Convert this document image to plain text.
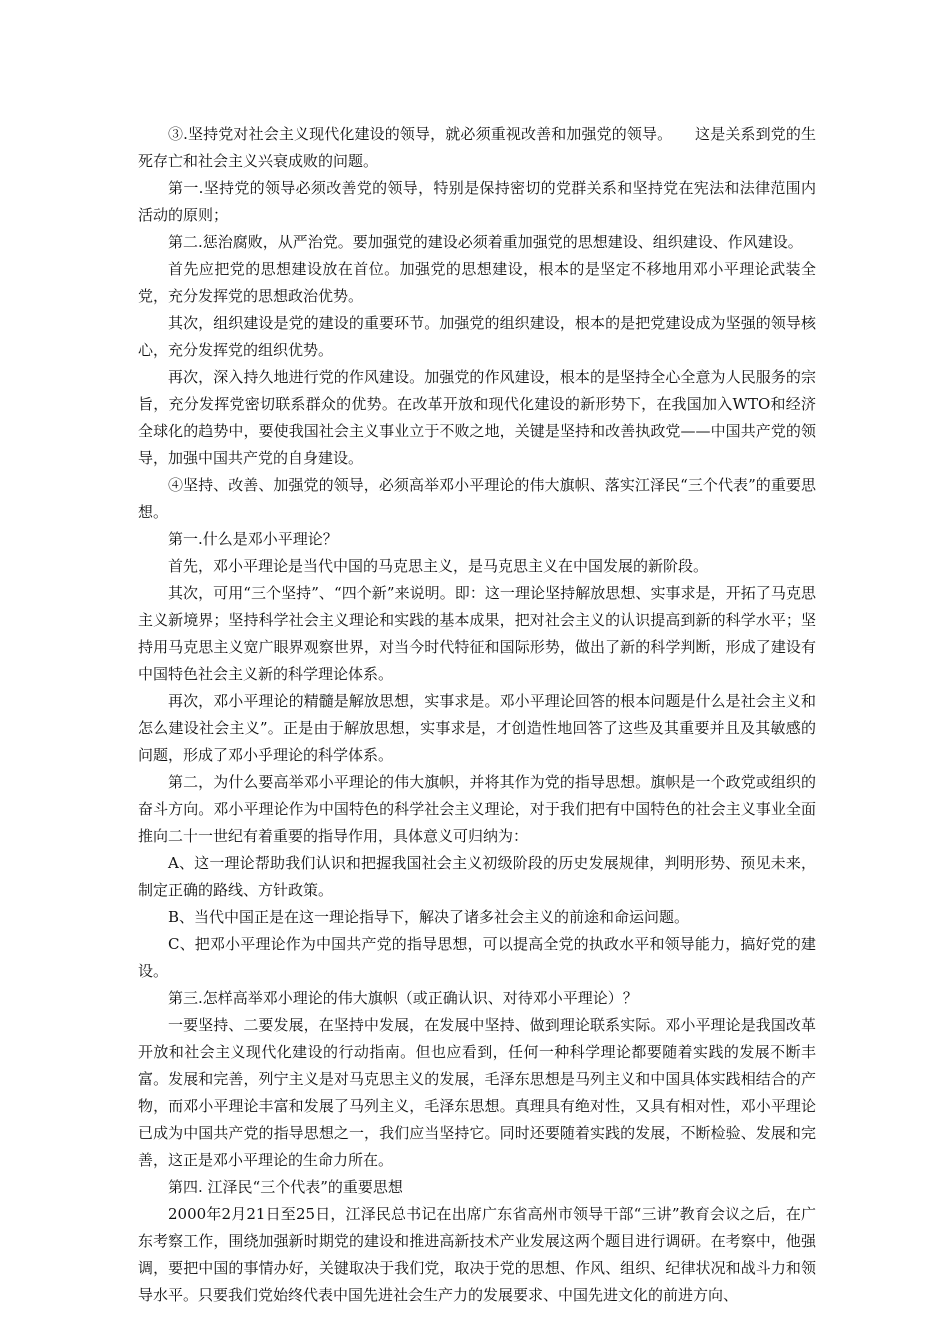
③.坚持党对社会主义现代化建设的领导，就必须重视改善和加强党的领导。　　这是关系到党的生死存亡和社会主义兴衰成败的问题。

第一.坚持党的领导必须改善党的领导，特别是保持密切的党群关系和坚持党在宪法和法律范围内活动的原则；

第二.惩治腐败，从严治党。要加强党的建设必须着重加强党的思想建设、组织建设、作风建设。

首先应把党的思想建设放在首位。加强党的思想建设，根本的是坚定不移地用邓小平理论武装全党，充分发挥党的思想政治优势。

其次，组织建设是党的建设的重要环节。加强党的组织建设，根本的是把党建设成为坚强的领导核心，充分发挥党的组织优势。

再次，深入持久地进行党的作风建设。加强党的作风建设，根本的是坚持全心全意为人民服务的宗旨，充分发挥党密切联系群众的优势。在改革开放和现代化建设的新形势下，在我国加入WTO和经济全球化的趋势中，要使我国社会主义事业立于不败之地，关键是坚持和改善执政党——中国共产党的领导，加强中国共产党的自身建设。

④坚持、改善、加强党的领导，必须高举邓小平理论的伟大旗帜、落实江泽民“三个代表”的重要思想。

第一.什么是邓小平理论？

首先，邓小平理论是当代中国的马克思主义，是马克思主义在中国发展的新阶段。

其次，可用“三个坚持”、“四个新”来说明。即：这一理论坚持解放思想、实事求是，开拓了马克思主义新境界；坚持科学社会主义理论和实践的基本成果，把对社会主义的认识提高到新的科学水平；坚持用马克思主义宽广眼界观察世界，对当今时代特征和国际形势，做出了新的科学判断，形成了建设有中国特色社会主义新的科学理论体系。

再次，邓小平理论的精髓是解放思想，实事求是。邓小平理论回答的根本问题是什么是社会主义和怎么建设社会主义”。正是由于解放思想，实事求是，才创造性地回答了这些及其重要并且及其敏感的问题，形成了邓小乎理论的科学体系。

第二，为什么要高举邓小平理论的伟大旗帜，并将其作为党的指导思想。旗帜是一个政党或组织的奋斗方向。邓小平理论作为中国特色的科学社会主义理论，对于我们把有中国特色的社会主义事业全面推向二十一世纪有着重要的指导作用，具体意义可归纳为：

A、这一理论帮助我们认识和把握我国社会主义初级阶段的历史发展规律，判明形势、预见未来，制定正确的路线、方针政策。

B、当代中国正是在这一理论指导下，解决了诸多社会主义的前途和命运问题。

C、把邓小平理论作为中国共产党的指导思想，可以提高全党的执政水平和领导能力，搞好党的建设。

第三.怎样高举邓小理论的伟大旗帜（或正确认识、对待邓小平理论）？

一要坚持、二要发展，在坚持中发展，在发展中坚持、做到理论联系实际。邓小平理论是我国改革开放和社会主义现代化建设的行动指南。但也应看到，任何一种科学理论都要随着实践的发展不断丰富。发展和完善，列宁主义是对马克思主义的发展，毛泽东思想是马列主义和中国具体实践相结合的产物，而邓小平理论丰富和发展了马列主义，毛泽东思想。真理具有绝对性，又具有相对性，邓小平理论已成为中国共产党的指导思想之一，我们应当坚持它。同时还要随着实践的发展，不断检验、发展和完善，这正是邓小平理论的生命力所在。

第四. 江泽民“三个代表”的重要思想

2000年2月21日至25日，江泽民总书记在出席广东省高州市领导干部“三讲”教育会议之后，在广东考察工作，围绕加强新时期党的建设和推进高新技术产业发展这两个题目进行调研。在考察中，他强调，要把中国的事情办好，关键取决于我们党，取决于党的思想、作风、组织、纪律状况和战斗力和领导水平。只要我们党始终代表中国先进社会生产力的发展要求、中国先进文化的前进方向、
